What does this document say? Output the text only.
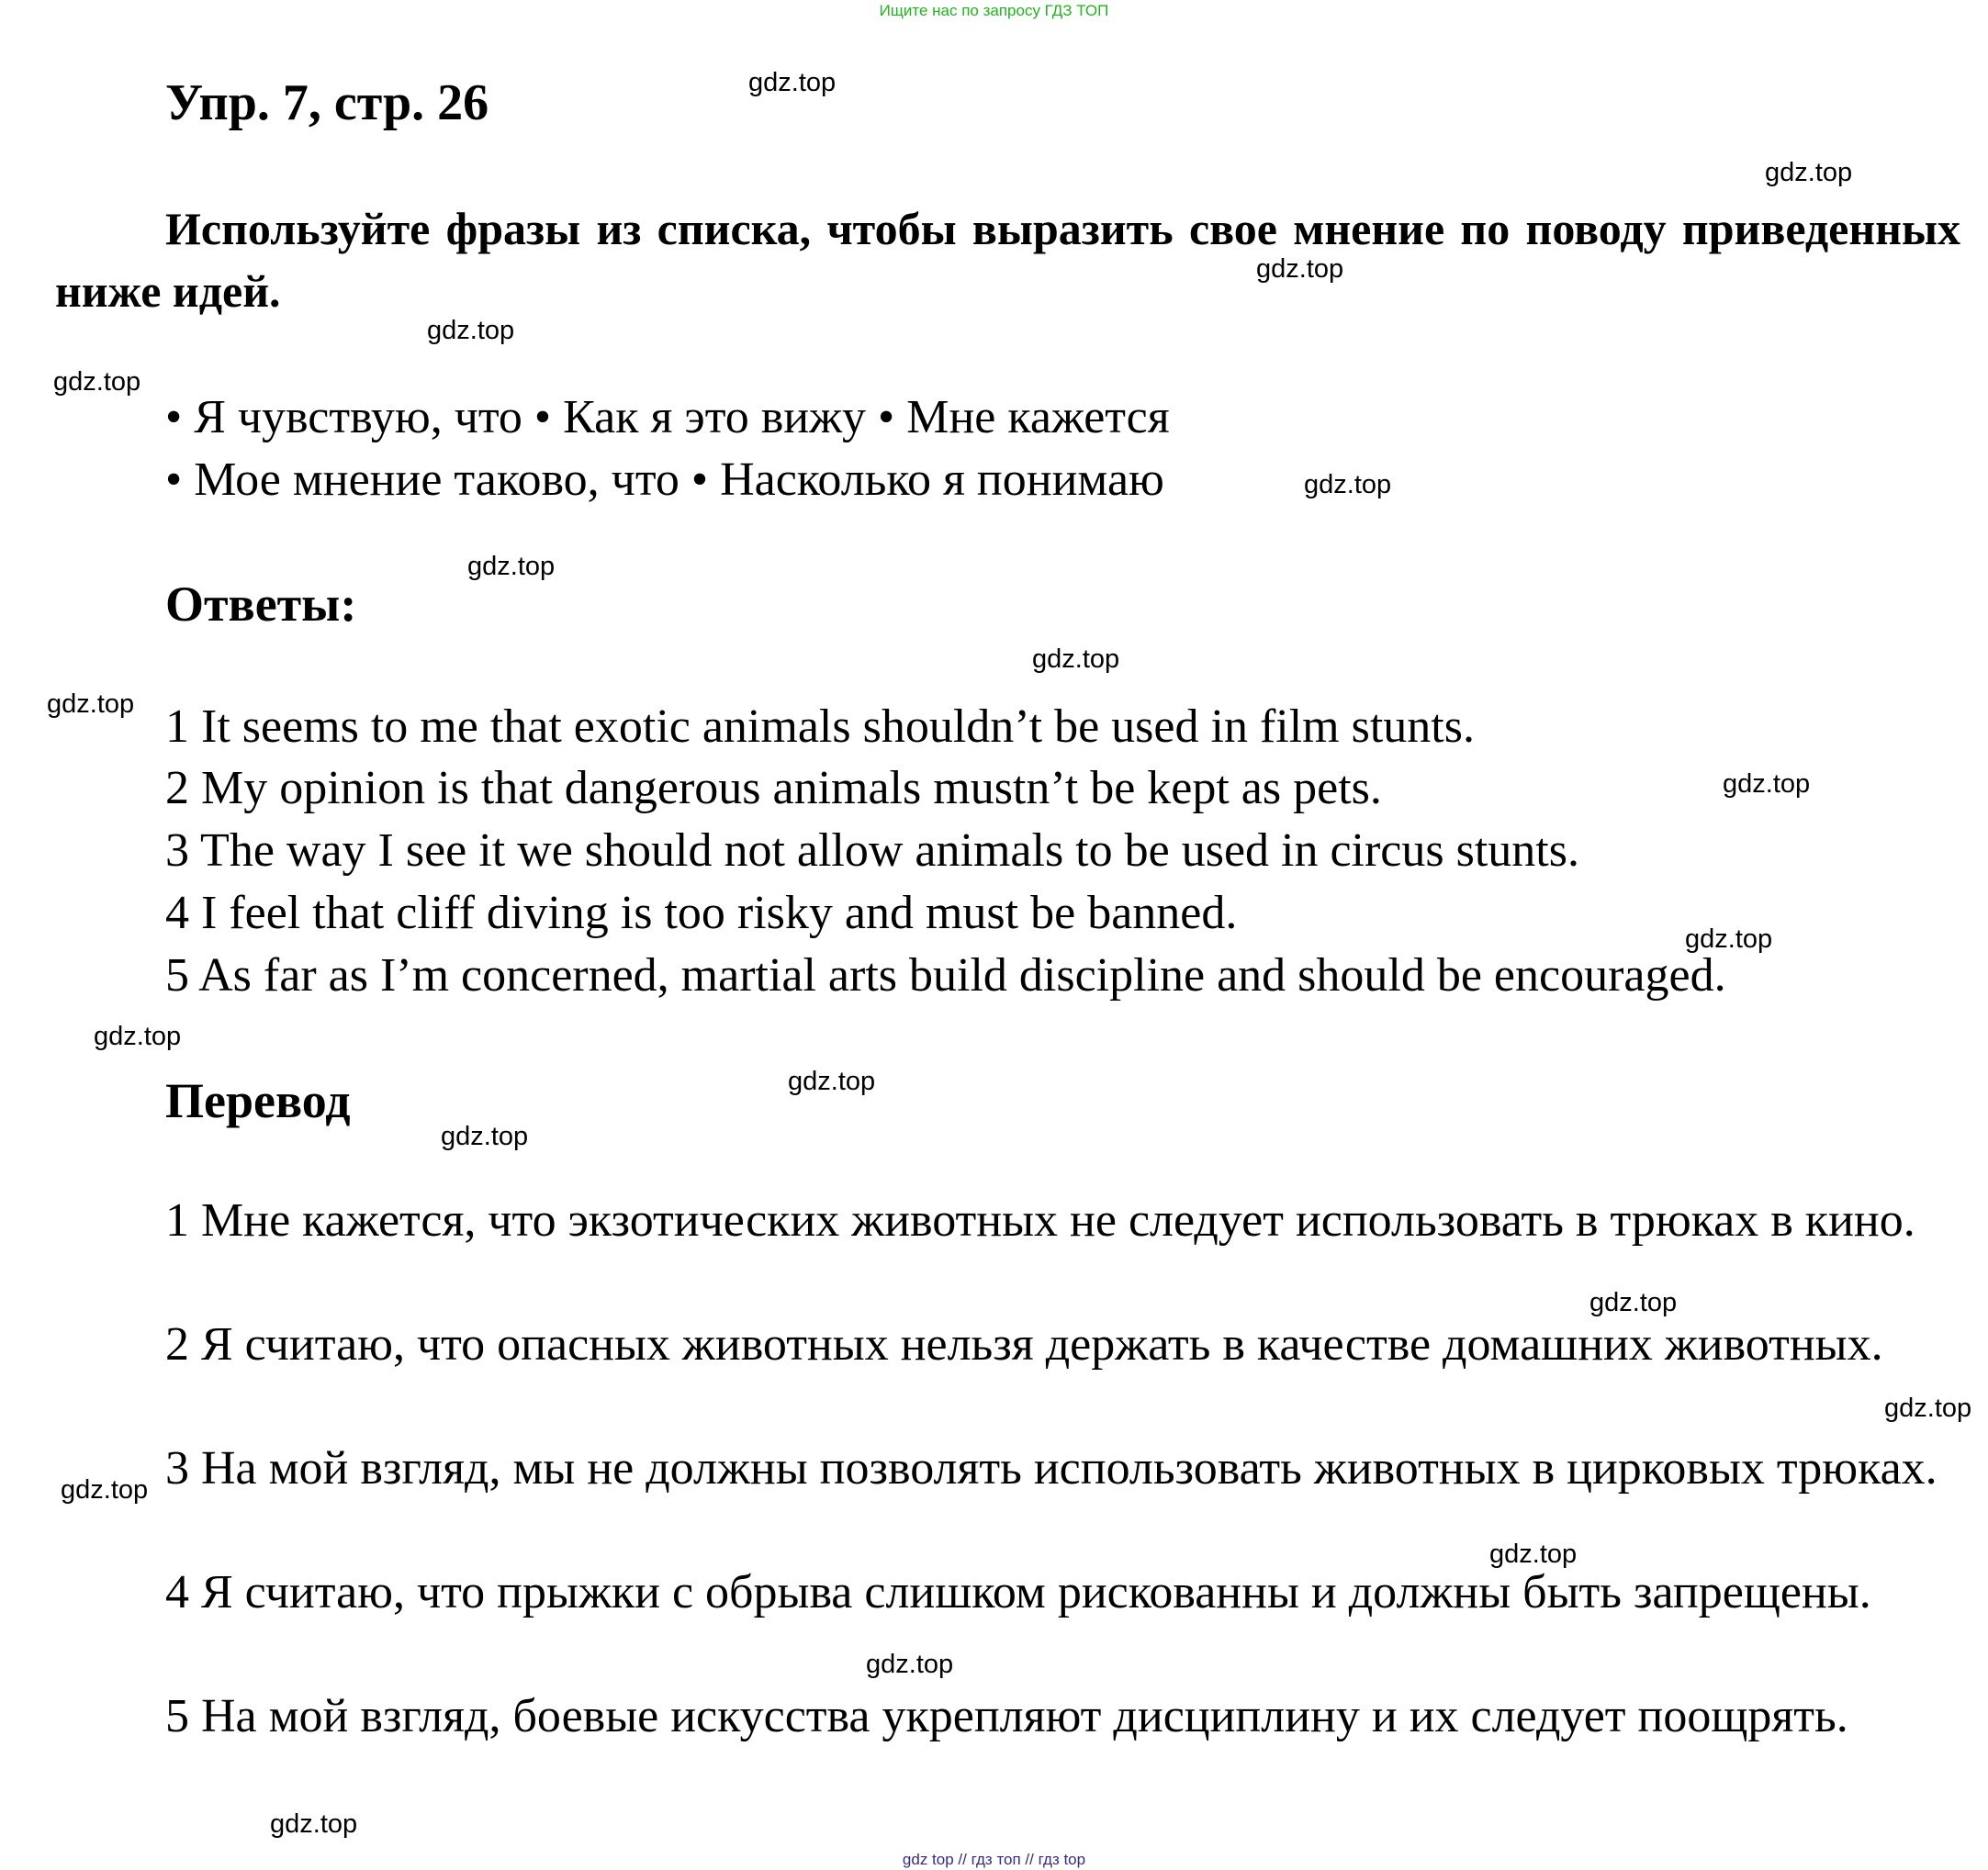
Ищите нас по запросу ГДЗ ТОП
Упр. 7, стр. 26
Используйте фразы из списка, чтобы выразить свое мнение по поводу приведенных ниже идей.
• Я чувствую, что • Как я это вижу • Мне кажется
• Мое мнение таково, что • Насколько я понимаю
Ответы:
1 It seems to me that exotic animals shouldn’t be used in film stunts.
2 My opinion is that dangerous animals mustn’t be kept as pets.
3 The way I see it we should not allow animals to be used in circus stunts.
4 I feel that cliff diving is too risky and must be banned.
5 As far as I’m concerned, martial arts build discipline and should be encouraged.
Перевод
1 Мне кажется, что экзотических животных не следует использовать в трюках в кино.
2 Я считаю, что опасных животных нельзя держать в качестве домашних животных.
3 На мой взгляд, мы не должны позволять использовать животных в цирковых трюках.
4 Я считаю, что прыжки с обрыва слишком рискованны и должны быть запрещены.
5 На мой взгляд, боевые искусства укрепляют дисциплину и их следует поощрять.
gdz.top
gdz.top
gdz.top
gdz.top
gdz.top
gdz.top
gdz.top
gdz.top
gdz.top
gdz.top
gdz.top
gdz.top
gdz.top
gdz.top
gdz.top
gdz.top
gdz.top
gdz.top
gdz.top
gdz.top
gdz top // гдз топ // гдз top
